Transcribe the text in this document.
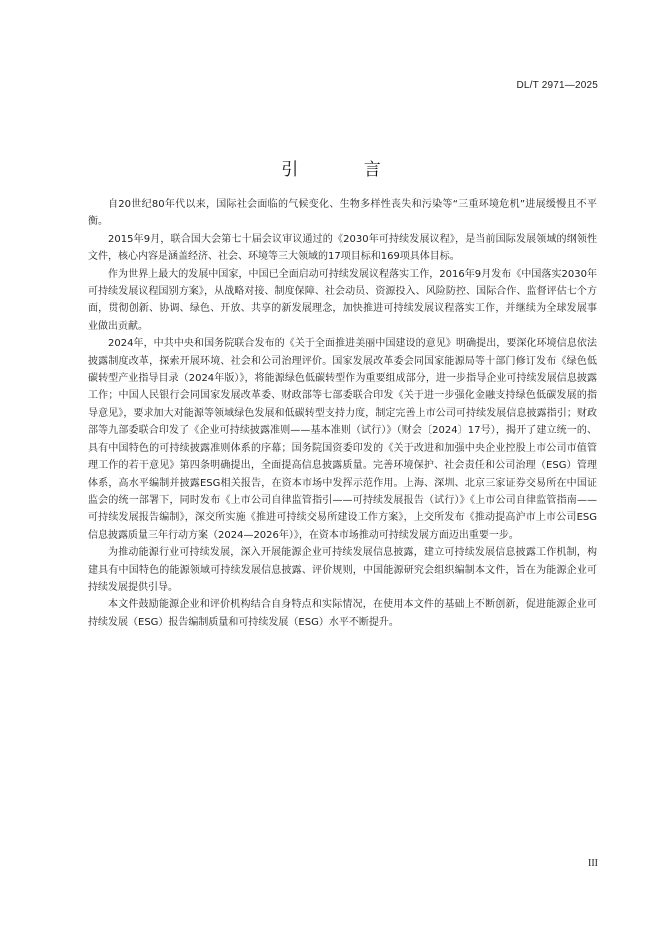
DL/T 2971—2025
引 言

自20世纪80年代以来，国际社会面临的气候变化、生物多样性丧失和污染等“三重环境危机”进展缓慢且不平衡。

2015年9月，联合国大会第七十届会议审议通过的《2030年可持续发展议程》，是当前国际发展领域的纲领性文件，核心内容是涵盖经济、社会、环境等三大领域的17项目标和169项具体目标。

作为世界上最大的发展中国家，中国已全面启动可持续发展议程落实工作，2016年9月发布《中国落实2030年可持续发展议程国别方案》，从战略对接、制度保障、社会动员、资源投入、风险防控、国际合作、监督评估七个方面，贯彻创新、协调、绿色、开放、共享的新发展理念，加快推进可持续发展议程落实工作，并继续为全球发展事业做出贡献。

2024年，中共中央和国务院联合发布的《关于全面推进美丽中国建设的意见》明确提出，要深化环境信息依法披露制度改革，探索开展环境、社会和公司治理评价。国家发展改革委会同国家能源局等十部门修订发布《绿色低碳转型产业指导目录（2024年版）》，将能源绿色低碳转型作为重要组成部分，进一步指导企业可持续发展信息披露工作；中国人民银行会同国家发展改革委、财政部等七部委联合印发《关于进一步强化金融支持绿色低碳发展的指导意见》，要求加大对能源等领域绿色发展和低碳转型支持力度，制定完善上市公司可持续发展信息披露指引；财政部等九部委联合印发了《企业可持续披露准则——基本准则（试行）》（财会〔2024〕17号），揭开了建立统一的、具有中国特色的可持续披露准则体系的序幕；国务院国资委印发的《关于改进和加强中央企业控股上市公司市值管理工作的若干意见》第四条明确提出，全面提高信息披露质量。完善环境保护、社会责任和公司治理（ESG）管理体系，高水平编制并披露ESG相关报告，在资本市场中发挥示范作用。上海、深圳、北京三家证券交易所在中国证监会的统一部署下，同时发布《上市公司自律监管指引——可持续发展报告（试行）》《上市公司自律监管指南——可持续发展报告编制》，深交所实施《推进可持续交易所建设工作方案》，上交所发布《推动提高沪市上市公司ESG信息披露质量三年行动方案（2024—2026年）》，在资本市场推动可持续发展方面迈出重要一步。

为推动能源行业可持续发展，深入开展能源企业可持续发展信息披露，建立可持续发展信息披露工作机制，构建具有中国特色的能源领域可持续发展信息披露、评价规则，中国能源研究会组织编制本文件，旨在为能源企业可持续发展提供引导。

本文件鼓励能源企业和评价机构结合自身特点和实际情况，在使用本文件的基础上不断创新，促进能源企业可持续发展（ESG）报告编制质量和可持续发展（ESG）水平不断提升。

III
